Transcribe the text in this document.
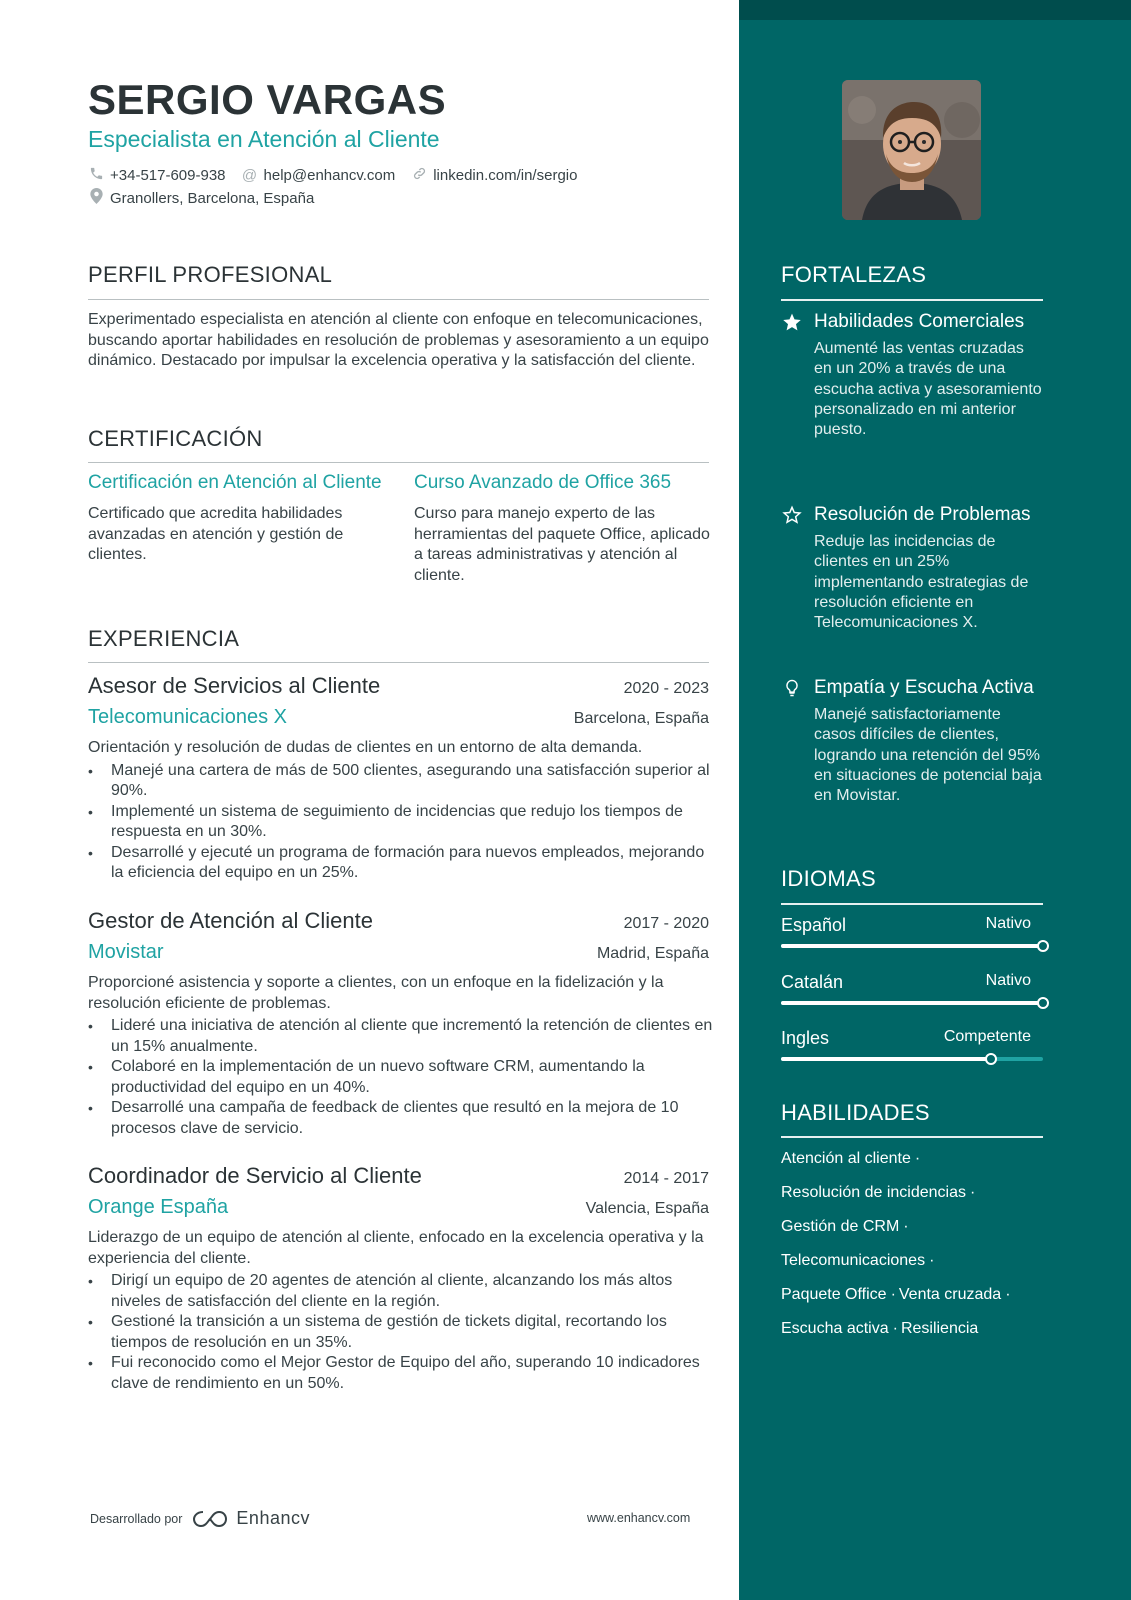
SERGIO VARGAS
Especialista en Atención al Cliente
+34-517-609-938 @ help@enhancv.com	linkedin.com/in/sergio
Granollers, Barcelona, España
PERFIL PROFESIONAL
Experimentado especialista en atención al cliente con enfoque en telecomunicaciones, buscando aportar habilidades en resolución de problemas y asesoramiento a un equipo dinámico. Destacado por impulsar la excelencia operativa y la satisfacción del cliente.
CERTIFICACIÓN
Certificación en Atención al Cliente
Certificado que acredita habilidades avanzadas en atención y gestión de clientes.
Curso Avanzado de Office 365
Curso para manejo experto de las herramientas del paquete Office, aplicado a tareas administrativas y atención al cliente.
EXPERIENCIA
Asesor de Servicios al Cliente	2020 - 2023
Telecomunicaciones X	Barcelona, España
Orientación y resolución de dudas de clientes en un entorno de alta demanda.
• Manejé una cartera de más de 500 clientes, asegurando una satisfacción superior al 90%.
• Implementé un sistema de seguimiento de incidencias que redujo los tiempos de respuesta en un 30%.
• Desarrollé y ejecuté un programa de formación para nuevos empleados, mejorando la eficiencia del equipo en un 25%.
Gestor de Atención al Cliente	2017 - 2020
Movistar	Madrid, España
Proporcioné asistencia y soporte a clientes, con un enfoque en la fidelización y la resolución eficiente de problemas.
• Lideré una iniciativa de atención al cliente que incrementó la retención de clientes en un 15% anualmente.
• Colaboré en la implementación de un nuevo software CRM, aumentando la productividad del equipo en un 40%.
• Desarrollé una campaña de feedback de clientes que resultó en la mejora de 10 procesos clave de servicio.
Coordinador de Servicio al Cliente	2014 - 2017
Orange España	Valencia, España
Liderazgo de un equipo de atención al cliente, enfocado en la excelencia operativa y la experiencia del cliente.
• Dirigí un equipo de 20 agentes de atención al cliente, alcanzando los más altos niveles de satisfacción del cliente en la región.
• Gestioné la transición a un sistema de gestión de tickets digital, recortando los tiempos de resolución en un 35%.
• Fui reconocido como el Mejor Gestor de Equipo del año, superando 10 indicadores clave de rendimiento en un 50%.
Desarrollado por	Enhancv	www.enhancv.com
FORTALEZAS
Habilidades Comerciales
Aumenté las ventas cruzadas en un 20% a través de una escucha activa y asesoramiento personalizado en mi anterior puesto.
Resolución de Problemas
Reduje las incidencias de clientes en un 25% implementando estrategias de resolución eficiente en Telecomunicaciones X.
Empatía y Escucha Activa
Manejé satisfactoriamente casos difíciles de clientes, logrando una retención del 95% en situaciones de potencial baja en Movistar.
IDIOMAS
Español	Nativo
Catalán	Nativo
Ingles	Competente
HABILIDADES
Atención al cliente ·
Resolución de incidencias ·
Gestión de CRM ·
Telecomunicaciones ·
Paquete Office · Venta cruzada ·
Escucha activa · Resiliencia
